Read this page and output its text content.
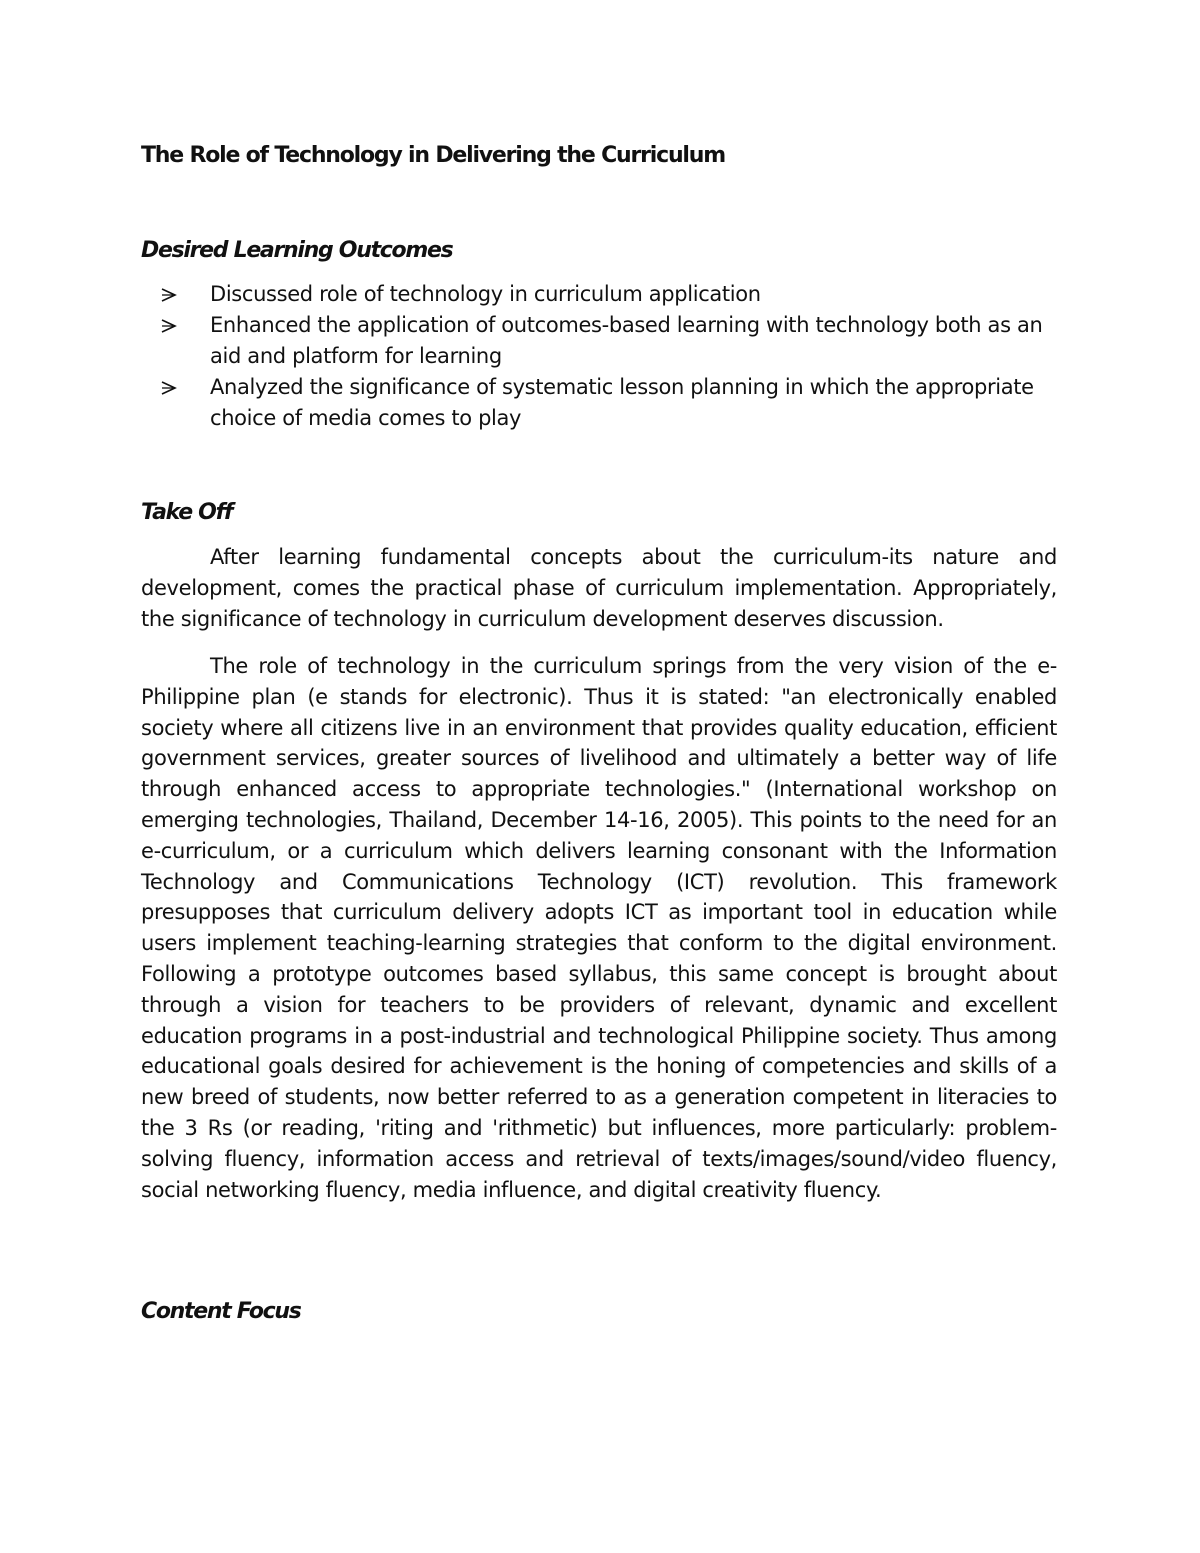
The Role of Technology in Delivering the Curriculum
Desired Learning Outcomes
Discussed role of technology in curriculum application
Enhanced the application of outcomes-based learning with technology both as an aid and platform for learning
Analyzed the significance of systematic lesson planning in which the appropriate choice of media comes to play
Take Off

After learning fundamental concepts about the curriculum-its nature and development, comes the practical phase of curriculum implementation. Appropriately, the significance of technology in curriculum development deserves discussion.

The role of technology in the curriculum springs from the very vision of the e-Philippine plan (e stands for electronic). Thus it is stated: "an electronically enabled society where all citizens live in an environment that provides quality education, efficient government services, greater sources of livelihood and ultimately a better way of life through enhanced access to appropriate technologies." (International workshop on emerging technologies, Thailand, December 14-16, 2005). This points to the need for an e-curriculum, or a curriculum which delivers learning consonant with the Information Technology and Communications Technology (ICT) revolution. This framework presupposes that curriculum delivery adopts ICT as important tool in education while users implement teaching-learning strategies that conform to the digital environment. Following a prototype outcomes based syllabus, this same concept is brought about through a vision for teachers to be providers of relevant, dynamic and excellent education programs in a post-industrial and technological Philippine society. Thus among educational goals desired for achievement is the honing of competencies and skills of a new breed of students, now better referred to as a generation competent in literacies to the 3 Rs (or reading, 'riting and 'rithmetic) but influences, more particularly: problem-solving fluency, information access and retrieval of texts/images/sound/video fluency, social networking fluency, media influence, and digital creativity fluency.

Content Focus
